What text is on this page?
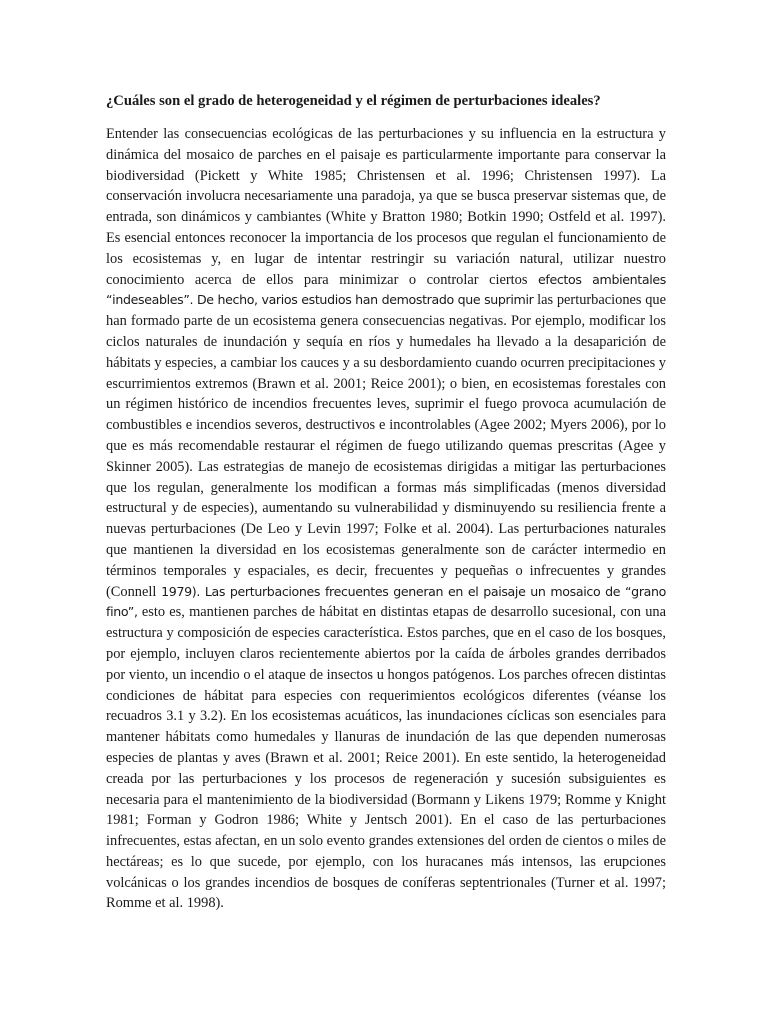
¿Cuáles son el grado de heterogeneidad y el régimen de perturbaciones ideales?

Entender las consecuencias ecológicas de las perturbaciones y su influencia en la estructura y dinámica del mosaico de parches en el paisaje es particularmente importante para conservar la biodiversidad (Pickett y White 1985; Christensen et al. 1996; Christensen 1997). La conservación involucra necesariamente una paradoja, ya que se busca preservar sistemas que, de entrada, son dinámicos y cambiantes (White y Bratton 1980; Botkin 1990; Ostfeld et al. 1997). Es esencial entonces reconocer la importancia de los procesos que regulan el funcionamiento de los ecosistemas y, en lugar de intentar restringir su variación natural, utilizar nuestro conocimiento acerca de ellos para minimizar o controlar ciertos efectos ambientales “indeseables”. De hecho, varios estudios han demostrado que suprimir las perturbaciones que han formado parte de un ecosistema genera consecuencias negativas. Por ejemplo, modificar los ciclos naturales de inundación y sequía en ríos y humedales ha llevado a la desaparición de hábitats y especies, a cambiar los cauces y a su desbordamiento cuando ocurren precipitaciones y escurrimientos extremos (Brawn et al. 2001; Reice 2001); o bien, en ecosistemas forestales con un régimen histórico de incendios frecuentes leves, suprimir el fuego provoca acumulación de combustibles e incendios severos, destructivos e incontrolables (Agee 2002; Myers 2006), por lo que es más recomendable restaurar el régimen de fuego utilizando quemas prescritas (Agee y Skinner 2005). Las estrategias de manejo de ecosistemas dirigidas a mitigar las perturbaciones que los regulan, generalmente los modifican a formas más simplificadas (menos diversidad estructural y de especies), aumentando su vulnerabilidad y disminuyendo su resiliencia frente a nuevas perturbaciones (De Leo y Levin 1997; Folke et al. 2004). Las perturbaciones naturales que mantienen la diversidad en los ecosistemas generalmente son de carácter intermedio en términos temporales y espaciales, es decir, frecuentes y pequeñas o infrecuentes y grandes (Connell 1979). Las perturbaciones frecuentes generan en el paisaje un mosaico de “grano fino”, esto es, mantienen parches de hábitat en distintas etapas de desarrollo sucesional, con una estructura y composición de especies característica. Estos parches, que en el caso de los bosques, por ejemplo, incluyen claros recientemente abiertos por la caída de árboles grandes derribados por viento, un incendio o el ataque de insectos u hongos patógenos. Los parches ofrecen distintas condiciones de hábitat para especies con requerimientos ecológicos diferentes (véanse los recuadros 3.1 y 3.2). En los ecosistemas acuáticos, las inundaciones cíclicas son esenciales para mantener hábitats como humedales y llanuras de inundación de las que dependen numerosas especies de plantas y aves (Brawn et al. 2001; Reice 2001). En este sentido, la heterogeneidad creada por las perturbaciones y los procesos de regeneración y sucesión subsiguientes es necesaria para el mantenimiento de la biodiversidad (Bormann y Likens 1979; Romme y Knight 1981; Forman y Godron 1986; White y Jentsch 2001). En el caso de las perturbaciones infrecuentes, estas afectan, en un solo evento grandes extensiones del orden de cientos o miles de hectáreas; es lo que sucede, por ejemplo, con los huracanes más intensos, las erupciones volcánicas o los grandes incendios de bosques de coníferas septentrionales (Turner et al. 1997; Romme et al. 1998).
